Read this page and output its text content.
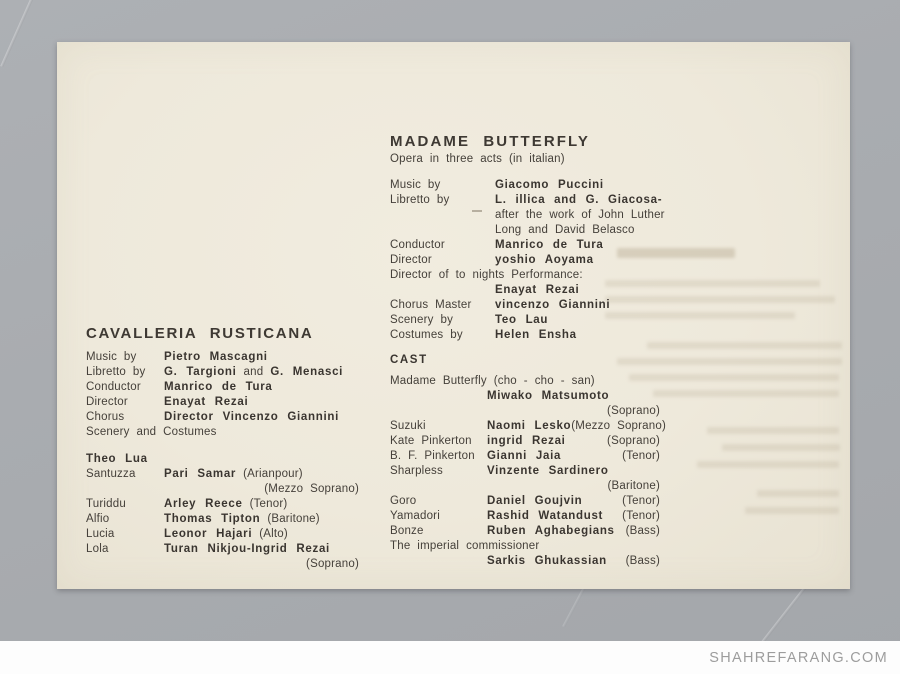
CAVALLERIA RUSTICANA
Music by	Pietro Mascagni
Libretto by	G. Targioni and G. Menasci
Conductor	Manrico de Tura
Director	Enayat Rezai
Chorus	Director Vincenzo Giannini
Scenery and Costumes
Theo Lua
Santuzza	Pari Samar (Arianpour)
(Mezzo Soprano)
Turiddu	Arley Reece (Tenor)
Alfio	Thomas Tipton (Baritone)
Lucia	Leonor Hajari (Alto)
Lola	Turan Nikjou-Ingrid Rezai
(Soprano)
MADAME BUTTERFLY
Opera in three acts (in italian)
Music by	Giacomo Puccini
Libretto by	L. illica and G. Giacosa-
after the work of John Luther
Long and David Belasco
Conductor	Manrico de Tura
Director	yoshio Aoyama
Director of to nights Performance:
Enayat Rezai
Chorus Master	vincenzo Giannini
Scenery by	Teo Lau
Costumes by	Helen Ensha
CAST
Madame Butterfly (cho - cho - san)
Miwako Matsumoto
(Soprano)
Suzuki	Naomi Lesko (Mezzo Soprano)
Kate Pinkerton	ingrid Rezai	(Soprano)
B. F. Pinkerton	Gianni Jaia	(Tenor)
Sharpless	Vinzente Sardinero
(Baritone)
Goro	Daniel Goujvin	(Tenor)
Yamadori	Rashid Watandust (Tenor)
Bonze	Ruben Aghabegians (Bass)
The imperial commissioner
Sarkis Ghukassian (Bass)
SHAHREFARANG.COM
